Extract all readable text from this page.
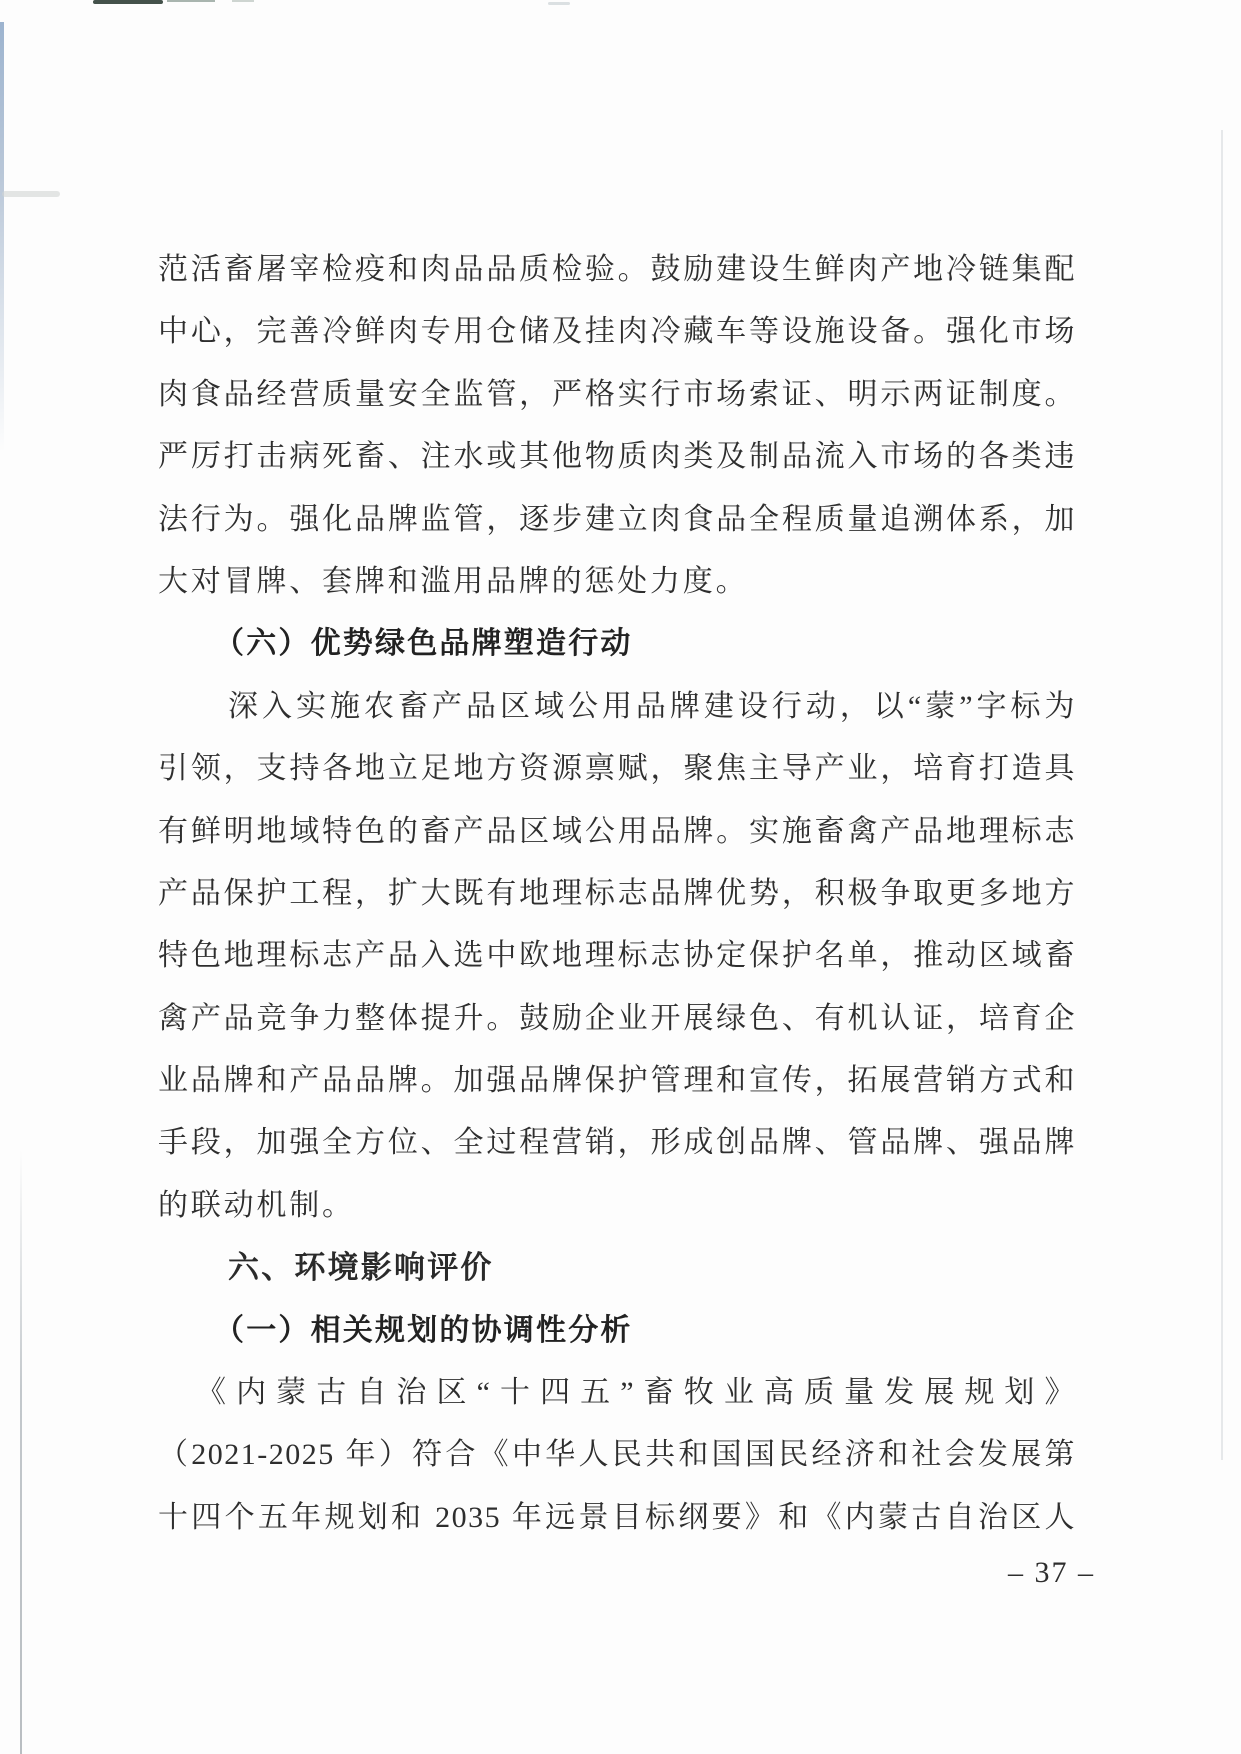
范活畜屠宰检疫和肉品品质检验。鼓励建设生鲜肉产地冷链集配
中心，完善冷鲜肉专用仓储及挂肉冷藏车等设施设备。强化市场
肉食品经营质量安全监管，严格实行市场索证、明示两证制度。
严厉打击病死畜、注水或其他物质肉类及制品流入市场的各类违
法行为。强化品牌监管，逐步建立肉食品全程质量追溯体系，加
大对冒牌、套牌和滥用品牌的惩处力度。
（六）优势绿色品牌塑造行动
深入实施农畜产品区域公用品牌建设行动，以“蒙”字标为
引领，支持各地立足地方资源禀赋，聚焦主导产业，培育打造具
有鲜明地域特色的畜产品区域公用品牌。实施畜禽产品地理标志
产品保护工程，扩大既有地理标志品牌优势，积极争取更多地方
特色地理标志产品入选中欧地理标志协定保护名单，推动区域畜
禽产品竞争力整体提升。鼓励企业开展绿色、有机认证，培育企
业品牌和产品品牌。加强品牌保护管理和宣传，拓展营销方式和
手段，加强全方位、全过程营销，形成创品牌、管品牌、强品牌
的联动机制。
六、环境影响评价
（一）相关规划的协调性分析
《内蒙古自治区“十四五”畜牧业高质量发展规划》
（2021-2025 年）符合《中华人民共和国国民经济和社会发展第
十四个五年规划和 2035 年远景目标纲要》和《内蒙古自治区人
– 37 –
